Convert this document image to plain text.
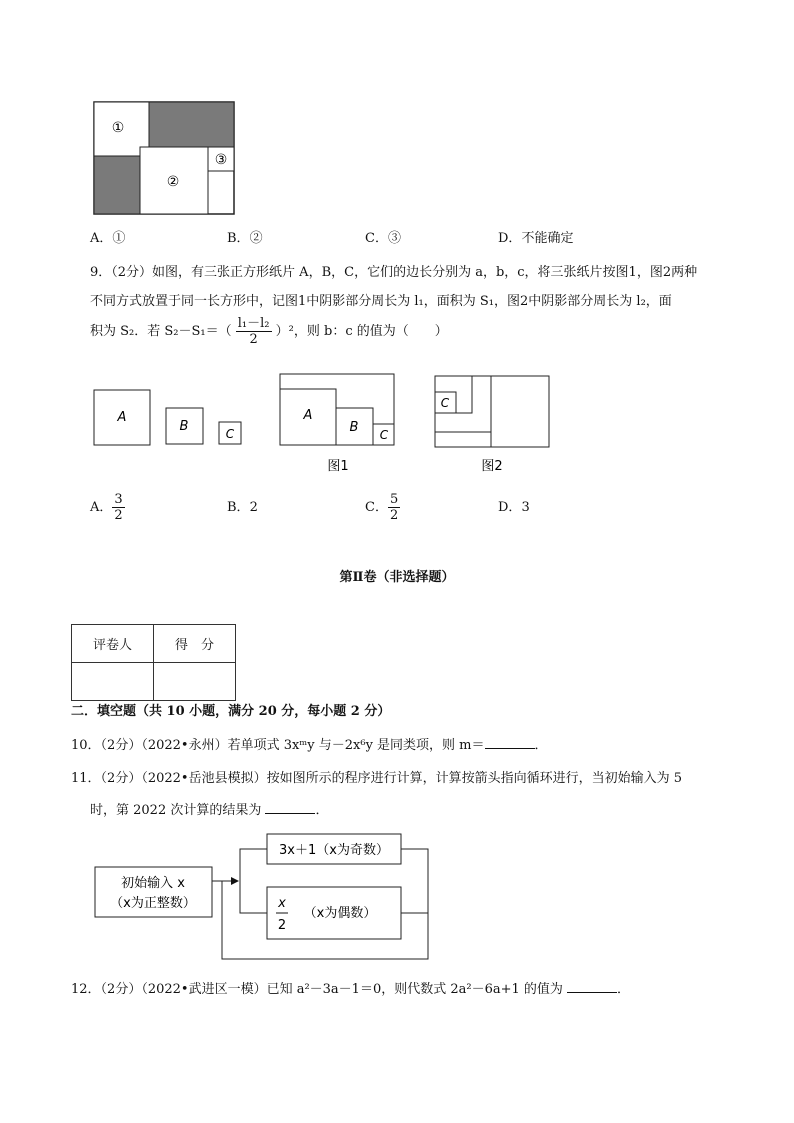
①
②
③
A．①	B．②	C．③	D．不能确定
9．（2分）如图，有三张正方形纸片 A，B，C，它们的边长分别为 a，b，c，将三张纸片按图1，图2两种
不同方式放置于同一长方形中，记图1中阴影部分周长为 l₁，面积为 S₁，图2中阴影部分周长为 l₂，面
积为 S₂．若 $S_2-S_1=( \frac{\text{l₁－l₂}}{2} )^2$，则 b：c 的值为（　　）
A
B	C
A
B C
图1
C
图2
A． $\frac{3}{2}$	B．2	C． $\frac{5}{2}$	D．3
第Ⅱ卷（非选择题）
评卷人	得　分

二．填空题（共 10 小题，满分 20 分，每小题 2 分）
10．（2分）（2022•永州）若单项式 3xᵐy 与－2x⁶y 是同类项，则 m＝	．
11．（2分）（2022•岳池县模拟）按如图所示的程序进行计算，计算按箭头指向循环进行，当初始输入为 5
时，第 2022 次计算的结果为	．
初始输入 x
（x为正整数）
3x＋1（x为奇数）
x
2
（x为偶数）
12．（2分）（2022•武进区一模）已知 a²－3a－1＝0，则代数式 2a²－6a+1 的值为	．
